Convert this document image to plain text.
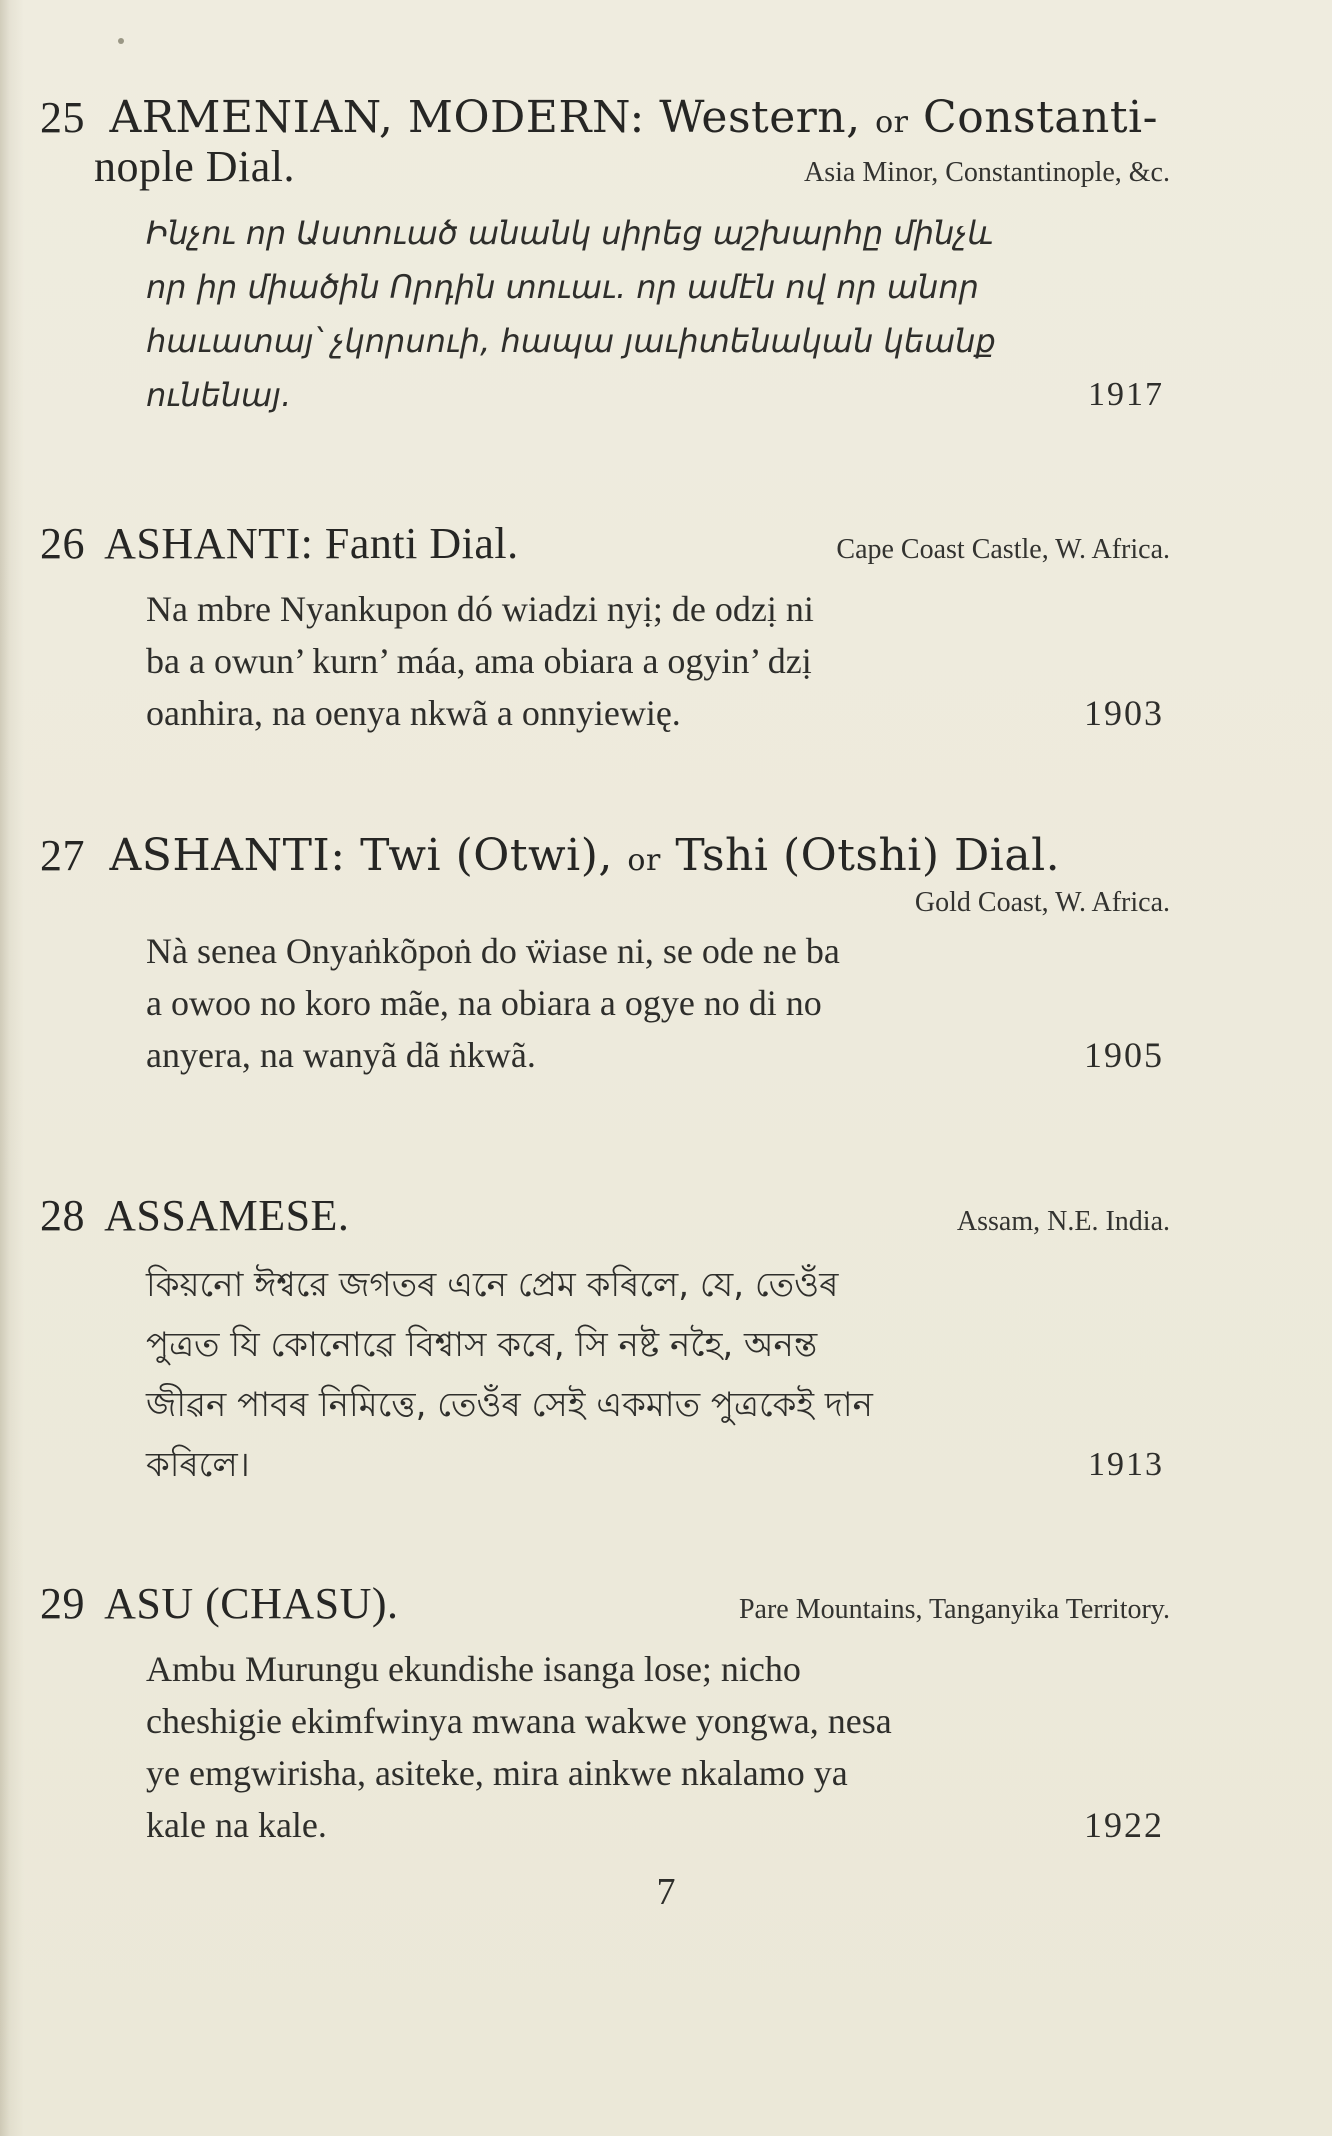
25 ARMENIAN, MODERN: Western, or Constanti-
nople Dial.	Asia Minor, Constantinople, &c.
Ինչու որ Աստուած անանկ սիրեց աշխարհը մինչև
որ իր միածին Որդին տուաւ. որ ամէն ով որ անոր
հաւատայ՝ չկորսուի, հապա յաւիտենական կեանք
ունենայ.	1917
26 ASHANTI: Fanti Dial.	Cape Coast Castle, W. Africa.
Na mbre Nyankupon dó wiadzi nyị; de odzị ni
ba a owun’ kurn’ máa, ama obiara a ogyin’ dzị
oanhira, na oenya nkwã a onnyiewię.	1903
27 ASHANTI: Twi (Otwi), or Tshi (Otshi) Dial.
Gold Coast, W. Africa.
Nà senea Onyaṅkõpoṅ do ẅiase ni, se ode ne ba
a owoo no koro mãe, na obiara a ogye no di no
anyera, na wanyã dã ṅkwã.	1905
28 ASSAMESE.	Assam, N.E. India.
কিয়নো ঈশ্বরে জগতৰ এনে প্ৰেম কৰিলে, যে, তেওঁৰ
পুত্ৰত যি কোনোৱে বিশ্বাস কৰে, সি নষ্ট নহৈ, অনন্ত
জীৱন পাবৰ নিমিত্তে, তেওঁৰ সেই একমাত পুত্ৰকেই দান
কৰিলে।	1913
29 ASU (CHASU).	Pare Mountains, Tanganyika Territory.
Ambu Murungu ekundishe isanga lose; nicho
cheshigie ekimfwinya mwana wakwe yongwa, nesa
ye emgwirisha, asiteke, mira ainkwe nkalamo ya
kale na kale.	1922
7
